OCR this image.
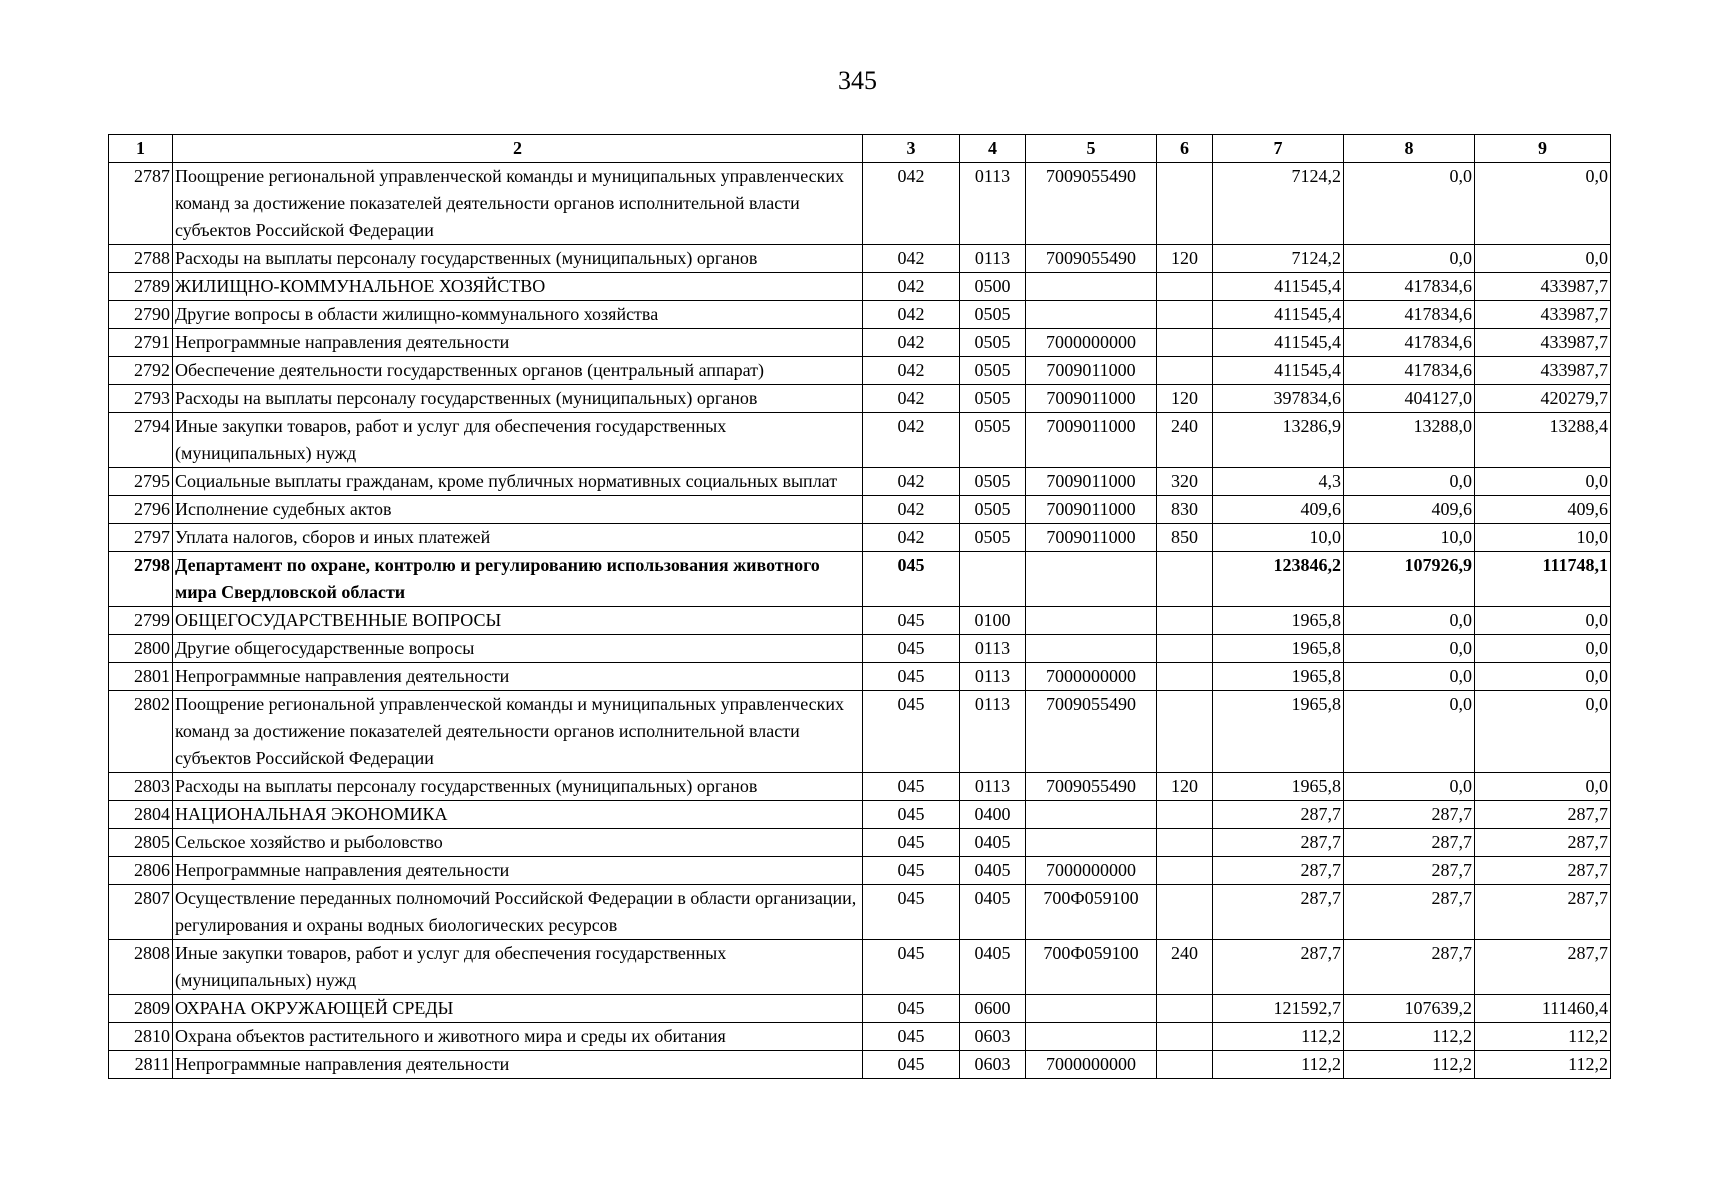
345
1	2	3	4	5	6	7	8	9
2787	Поощрение региональной управленческой команды и муниципальных управленческих команд за достижение показателей деятельности органов исполнительной власти субъектов Российской Федерации	042	0113	7009055490		7124,2	0,0	0,0
2788	Расходы на выплаты персоналу государственных (муниципальных) органов	042	0113	7009055490	120	7124,2	0,0	0,0
2789	ЖИЛИЩНО-КОММУНАЛЬНОЕ ХОЗЯЙСТВО	042	0500			411545,4	417834,6	433987,7
2790	Другие вопросы в области жилищно-коммунального хозяйства	042	0505			411545,4	417834,6	433987,7
2791	Непрограммные направления деятельности	042	0505	7000000000		411545,4	417834,6	433987,7
2792	Обеспечение деятельности государственных органов (центральный аппарат)	042	0505	7009011000		411545,4	417834,6	433987,7
2793	Расходы на выплаты персоналу государственных (муниципальных) органов	042	0505	7009011000	120	397834,6	404127,0	420279,7
2794	Иные закупки товаров, работ и услуг для обеспечения государственных (муниципальных) нужд	042	0505	7009011000	240	13286,9	13288,0	13288,4
2795	Социальные выплаты гражданам, кроме публичных нормативных социальных выплат	042	0505	7009011000	320	4,3	0,0	0,0
2796	Исполнение судебных актов	042	0505	7009011000	830	409,6	409,6	409,6
2797	Уплата налогов, сборов и иных платежей	042	0505	7009011000	850	10,0	10,0	10,0
2798	Департамент по охране, контролю и регулированию использования животного мира Свердловской области	045				123846,2	107926,9	111748,1
2799	ОБЩЕГОСУДАРСТВЕННЫЕ ВОПРОСЫ	045	0100			1965,8	0,0	0,0
2800	Другие общегосударственные вопросы	045	0113			1965,8	0,0	0,0
2801	Непрограммные направления деятельности	045	0113	7000000000		1965,8	0,0	0,0
2802	Поощрение региональной управленческой команды и муниципальных управленческих команд за достижение показателей деятельности органов исполнительной власти субъектов Российской Федерации	045	0113	7009055490		1965,8	0,0	0,0
2803	Расходы на выплаты персоналу государственных (муниципальных) органов	045	0113	7009055490	120	1965,8	0,0	0,0
2804	НАЦИОНАЛЬНАЯ ЭКОНОМИКА	045	0400			287,7	287,7	287,7
2805	Сельское хозяйство и рыболовство	045	0405			287,7	287,7	287,7
2806	Непрограммные направления деятельности	045	0405	7000000000		287,7	287,7	287,7
2807	Осуществление переданных полномочий Российской Федерации в области организации, регулирования и охраны водных биологических ресурсов	045	0405	700Ф059100		287,7	287,7	287,7
2808	Иные закупки товаров, работ и услуг для обеспечения государственных (муниципальных) нужд	045	0405	700Ф059100	240	287,7	287,7	287,7
2809	ОХРАНА ОКРУЖАЮЩЕЙ СРЕДЫ	045	0600			121592,7	107639,2	111460,4
2810	Охрана объектов растительного и животного мира и среды их обитания	045	0603			112,2	112,2	112,2
2811	Непрограммные направления деятельности	045	0603	7000000000		112,2	112,2	112,2
